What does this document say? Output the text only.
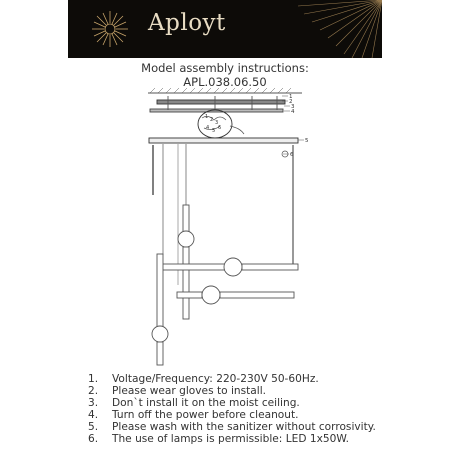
Aployt
Model assembly instructions:
APL.038.06.50
1
2
3
4
5
6
1 2 3
4 5 6
1. Voltage/Frequency: 220-230V 50-60Hz.
2. Please wear gloves to install.
3. Don`t install it on the moist ceiling.
4. Turn off the power before cleanout.
5. Please wash with the sanitizer without corrosivity.
6. The use of lamps is permissible: LED 1x50W.
